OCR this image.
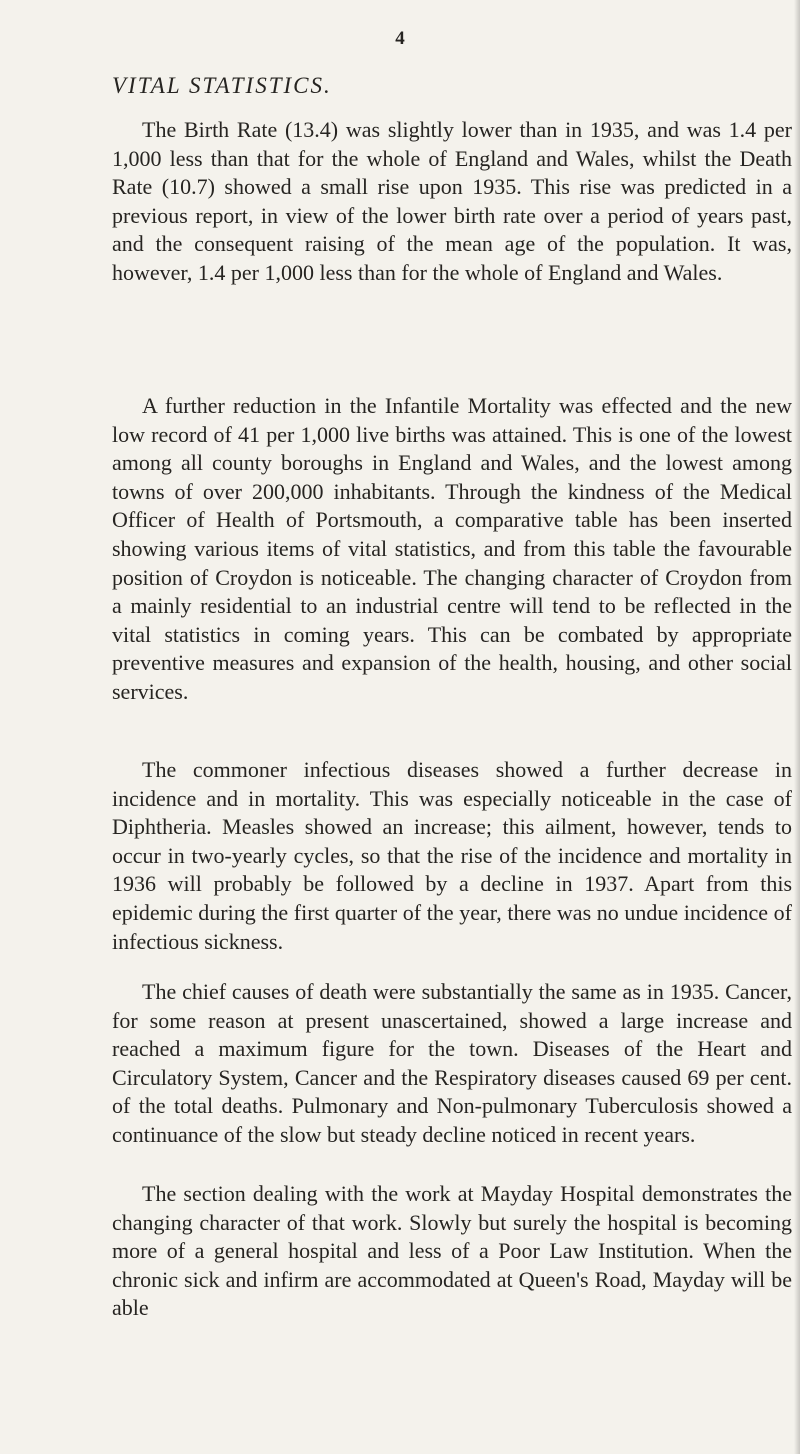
4
VITAL STATISTICS.

The Birth Rate (13.4) was slightly lower than in 1935, and was 1.4 per 1,000 less than that for the whole of England and Wales, whilst the Death Rate (10.7) showed a small rise upon 1935. This rise was predicted in a previous report, in view of the lower birth rate over a period of years past, and the consequent raising of the mean age of the population. It was, however, 1.4 per 1,000 less than for the whole of England and Wales.

A further reduction in the Infantile Mortality was effected and the new low record of 41 per 1,000 live births was attained. This is one of the lowest among all county boroughs in England and Wales, and the lowest among towns of over 200,000 inhabitants. Through the kindness of the Medical Officer of Health of Portsmouth, a comparative table has been inserted showing various items of vital statistics, and from this table the favourable position of Croydon is noticeable. The changing character of Croydon from a mainly residential to an industrial centre will tend to be reflected in the vital statistics in coming years. This can be combated by appropriate preventive measures and expansion of the health, housing, and other social services.

The commoner infectious diseases showed a further decrease in incidence and in mortality. This was especially noticeable in the case of Diphtheria. Measles showed an increase; this ailment, however, tends to occur in two-yearly cycles, so that the rise of the incidence and mortality in 1936 will probably be followed by a decline in 1937. Apart from this epidemic during the first quarter of the year, there was no undue incidence of infectious sickness.

The chief causes of death were substantially the same as in 1935. Cancer, for some reason at present unascertained, showed a large increase and reached a maximum figure for the town. Diseases of the Heart and Circulatory System, Cancer and the Respiratory diseases caused 69 per cent. of the total deaths. Pulmonary and Non-pulmonary Tuberculosis showed a continuance of the slow but steady decline noticed in recent years.

The section dealing with the work at Mayday Hospital demonstrates the changing character of that work. Slowly but surely the hospital is becoming more of a general hospital and less of a Poor Law Institution. When the chronic sick and infirm are accommodated at Queen's Road, Mayday will be able
